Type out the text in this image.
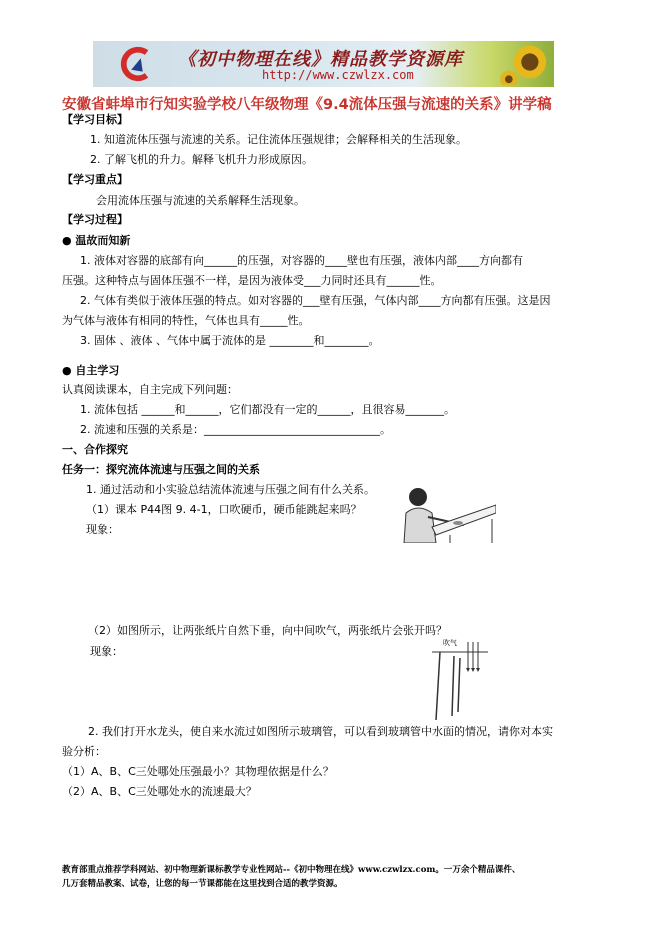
《初中物理在线》精品教学资源库
http://www.czwlzx.com
安徽省蚌埠市行知实验学校八年级物理《9.4流体压强与流速的关系》讲学稿
【学习目标】
1. 知道流体压强与流速的关系。记住流体压强规律；会解释相关的生活现象。
2. 了解飞机的升力。解释飞机升力形成原因。
【学习重点】
会用流体压强与流速的关系解释生活现象。
【学习过程】
● 温故而知新
1. 液体对容器的底部有向______的压强，对容器的____壁也有压强，液体内部____方向都有
压强。这种特点与固体压强不一样，是因为液体受___力同时还具有______性。
2. 气体有类似于液体压强的特点。如对容器的___壁有压强，气体内部____方向都有压强。这是因
为气体与液体有相同的特性，气体也具有_____性。
3. 固体 、液体 、气体中属于流体的是 ________和________。
● 自主学习
认真阅读课本，自主完成下列问题：
1. 流体包括 ______和______，它们都没有一定的______，且很容易_______。
2. 流速和压强的关系是：________________________________。
一、合作探究
任务一：探究流体流速与压强之间的关系
1. 通过活动和小实验总结流体流速与压强之间有什么关系。
（1）课本 P44图 9. 4-1，口吹硬币，硬币能跳起来吗？
现象：
（2）如图所示，让两张纸片自然下垂，向中间吹气，两张纸片会张开吗？
现象：
吹气
2. 我们打开水龙头，使自来水流过如图所示玻璃管，可以看到玻璃管中水面的情况，请你对本实
验分析：
（1）A、B、C三处哪处压强最小？其物理依据是什么？
（2）A、B、C三处哪处水的流速最大？
教育部重点推荐学科网站、初中物理新课标教学专业性网站--《初中物理在线》www.czwlzx.com。一万余个精品课件、
几万套精品教案、试卷，让您的每一节课都能在这里找到合适的教学资源。
